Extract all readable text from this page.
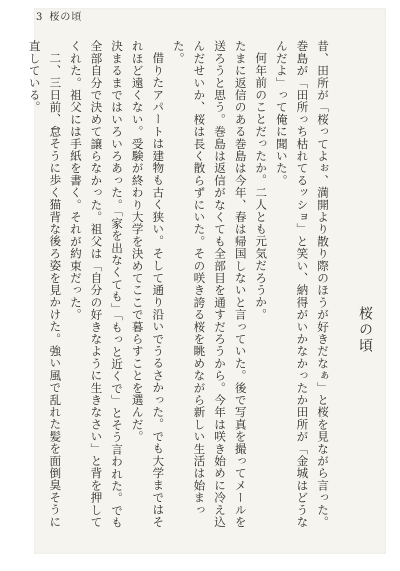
3 桜の頃
桜の頃

昔、田所が「桜ってよぉ、満開より散り際のほうが好きだなぁ」と桜を見ながら言った。巻島が「田所っち枯れてるッショ」と笑い、納得がいかなかったか田所が「金城はどうなんだよ」って俺に聞いた。

何年前のことだったか。二人とも元気だろうか。

たまに返信のある巻島は今年、春は帰国しないと言っていた。後で写真を撮ってメールを送ろうと思う。巻島は返信がなくても全部目を通すだろうから。今年は咲き始めに冷え込んだせいか、桜は長く散らずにいた。その咲き誇る桜を眺めながら新しい生活は始まった。

借りたアパートは建物も古く狭い。そして通り沿いでうるさかった。でも大学まではそれほど遠くない。受験が終わり大学を決めてここで暮らすことを選んだ。

決まるまではいろいろあった。「家を出なくても」「もっと近くで」とそう言われた。でも全部自分で決めて譲らなかった。祖父は「自分の好きなように生きなさい」と背を押してくれた。祖父には手紙を書く。それが約束だった。

二、三日前、怠そうに歩く猫背な後ろ姿を見かけた。強い風で乱れた髪を面倒臭そうに直している。
